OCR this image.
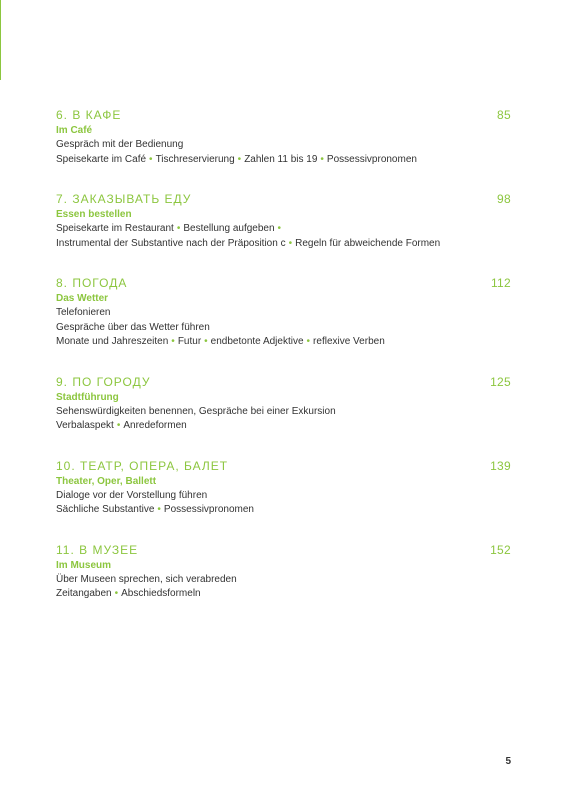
6. В КАФЕ	85
Im Café
Gespräch mit der Bedienung
Speisekarte im Café • Tischreservierung • Zahlen 11 bis 19 • Possessivpronomen
7. ЗАКАЗЫВАТЬ ЕДУ	98
Essen bestellen
Speisekarte im Restaurant • Bestellung aufgeben •
Instrumental der Substantive nach der Präposition с • Regeln für abweichende Formen
8. ПОГОДА	112
Das Wetter
Telefonieren
Gespräche über das Wetter führen
Monate und Jahreszeiten • Futur • endbetonte Adjektive • reflexive Verben
9. ПО ГОРОДУ	125
Stadtführung
Sehenswürdigkeiten benennen, Gespräche bei einer Exkursion
Verbalaspekt • Anredeformen
10. ТЕАТР, ОПЕРА, БАЛЕТ	139
Theater, Oper, Ballett
Dialoge vor der Vorstellung führen
Sächliche Substantive • Possessivpronomen
11. В МУЗЕЕ	152
Im Museum
Über Museen sprechen, sich verabreden
Zeitangaben • Abschiedsformeln
5
